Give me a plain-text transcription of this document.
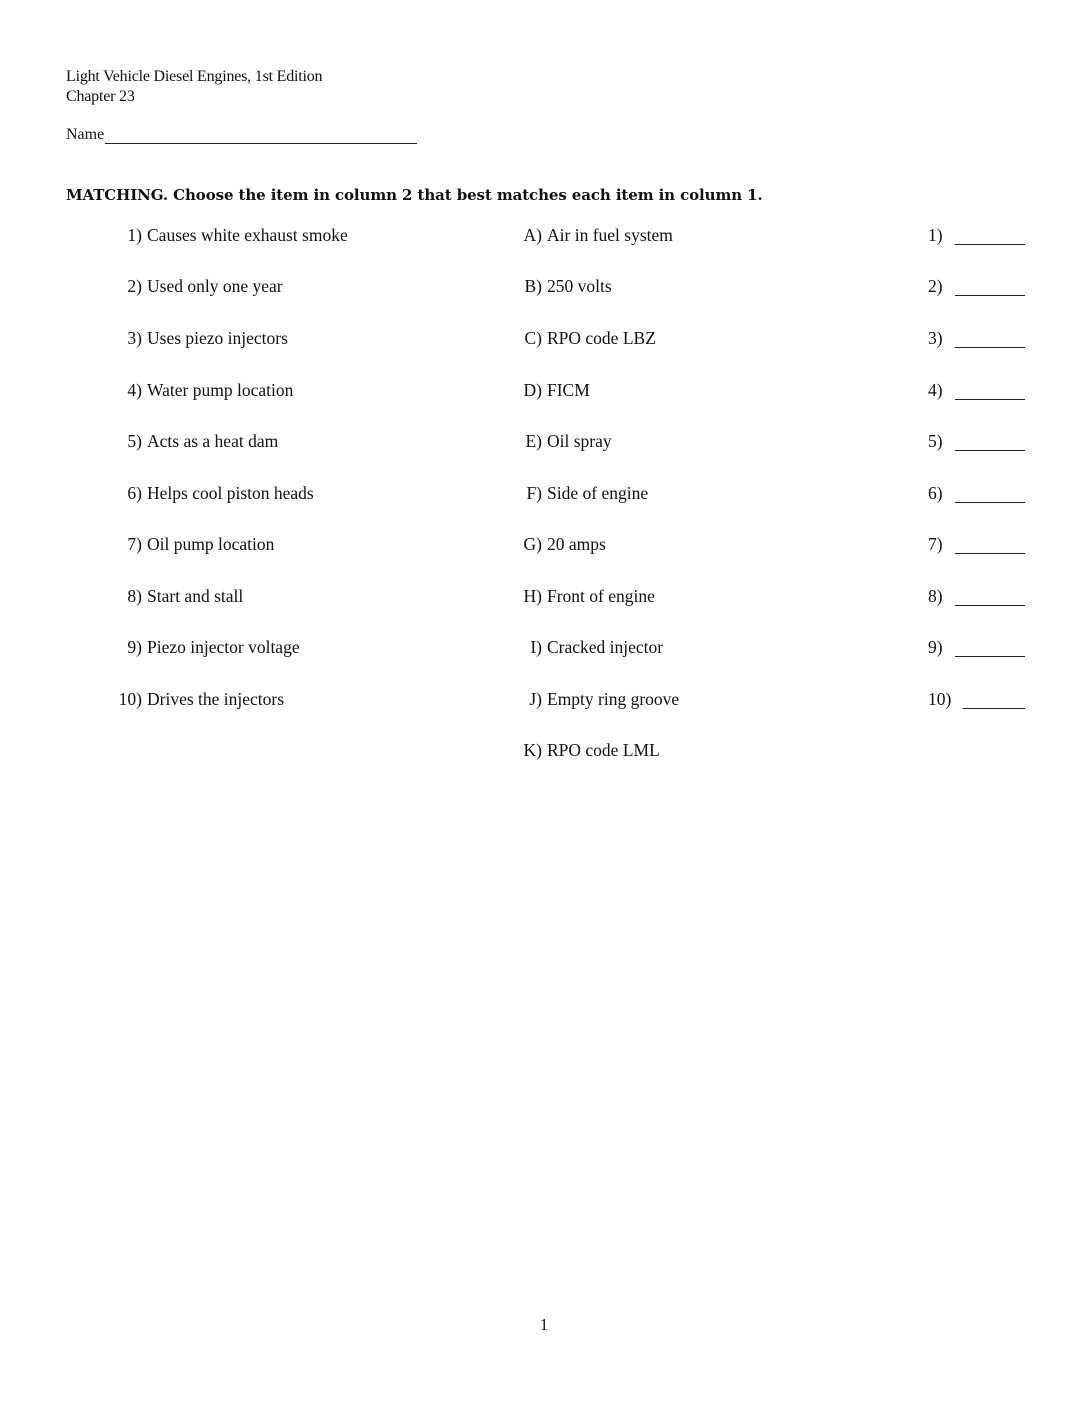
Light Vehicle Diesel Engines, 1st Edition
Chapter 23
Name
MATCHING. Choose the item in column 2 that best matches each item in column 1.
1) Causes white exhaust smoke	A) Air in fuel system	1)
2) Used only one year	B) 250 volts	2)
3) Uses piezo injectors	C) RPO code LBZ	3)
4) Water pump location	D) FICM	4)
5) Acts as a heat dam	E) Oil spray	5)
6) Helps cool piston heads	F) Side of engine	6)
7) Oil pump location	G) 20 amps	7)
8) Start and stall	H) Front of engine	8)
9) Piezo injector voltage	I) Cracked injector	9)
10) Drives the injectors	J) Empty ring groove	10)
K) RPO code LML
1
